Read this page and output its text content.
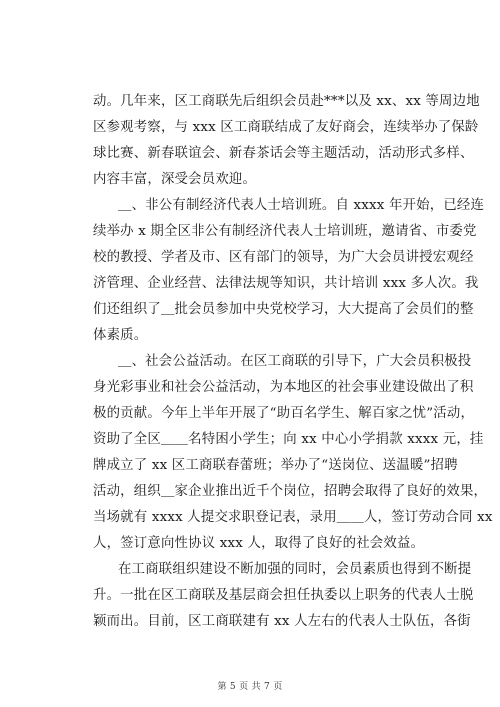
动。几年来，区工商联先后组织会员赴***以及 xx、xx 等周边地
区参观考察，与 xxx 区工商联结成了友好商会，连续举办了保龄
球比赛、新春联谊会、新春茶话会等主题活动，活动形式多样、
内容丰富，深受会员欢迎。
＿、非公有制经济代表人士培训班。自 xxxx 年开始，已经连
续举办 x 期全区非公有制经济代表人士培训班，邀请省、市委党
校的教授、学者及市、区有部门的领导，为广大会员讲授宏观经
济管理、企业经营、法律法规等知识，共计培训 xxx 多人次。我
们还组织了＿批会员参加中央党校学习，大大提高了会员们的整
体素质。
＿、社会公益活动。在区工商联的引导下，广大会员积极投
身光彩事业和社会公益活动，为本地区的社会事业建设做出了积
极的贡献。今年上半年开展了“助百名学生、解百家之忧”活动，
资助了全区＿＿名特困小学生；向 xx 中心小学捐款 xxxx 元，挂
牌成立了 xx 区工商联春蕾班；举办了“送岗位、送温暖”招聘
活动，组织＿家企业推出近千个岗位，招聘会取得了良好的效果，
当场就有 xxxx 人提交求职登记表，录用＿＿人，签订劳动合同 xx
人，签订意向性协议 xxx 人，取得了良好的社会效益。
在工商联组织建设不断加强的同时，会员素质也得到不断提
升。一批在区工商联及基层商会担任执委以上职务的代表人士脱
颖而出。目前，区工商联建有 xx 人左右的代表人士队伍，各街
第 5 页 共 7 页
